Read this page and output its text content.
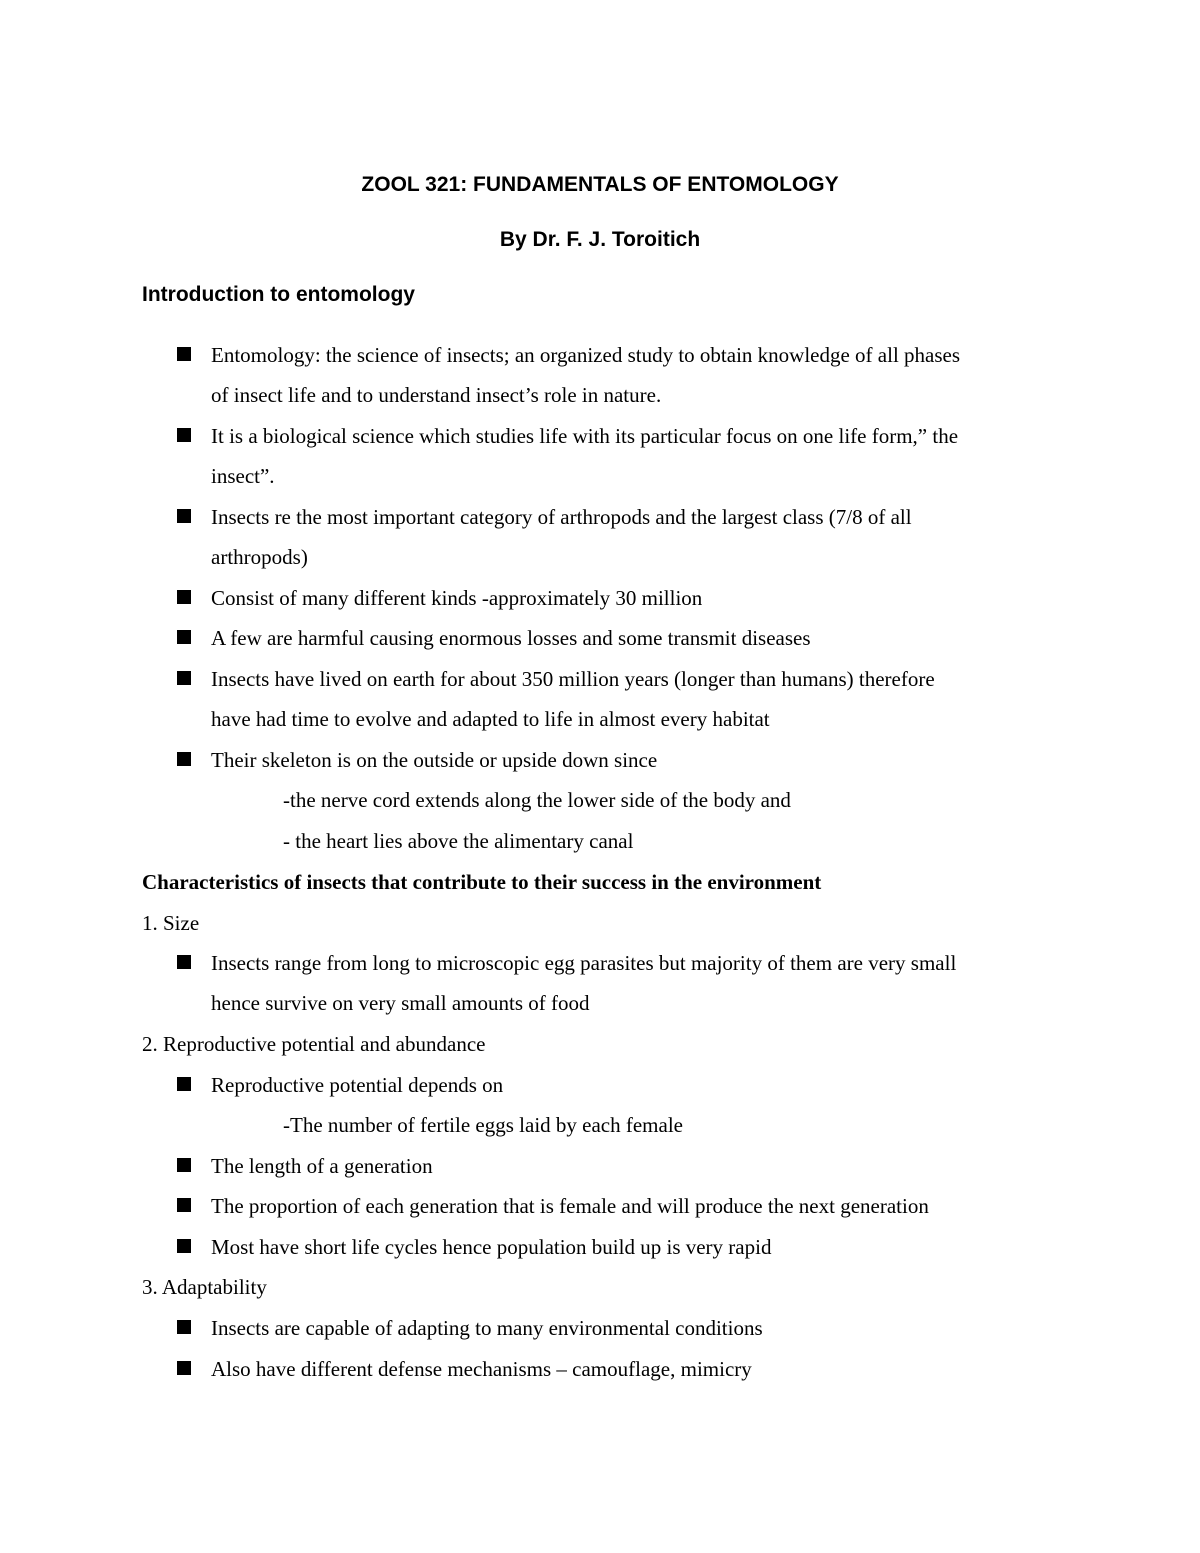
ZOOL 321: FUNDAMENTALS OF ENTOMOLOGY
By Dr. F. J. Toroitich
Introduction to entomology
Entomology: the science of insects; an organized study to obtain knowledge of all phases
of insect life and to understand insect’s role in nature.
It is a biological science which studies life with its particular focus on one life form,” the
insect”.
Insects re the most important category of arthropods and the largest class (7/8 of all
arthropods)
Consist of many different kinds -approximately 30 million
A few are harmful causing enormous losses and some transmit diseases
Insects have lived on earth for about 350 million years (longer than humans) therefore
have had time to evolve and adapted to life in almost every habitat
Their skeleton is on the outside or upside down since
-the nerve cord extends along the lower side of the body and
- the heart lies above the alimentary canal
Characteristics of insects that contribute to their success in the environment
1. Size
Insects range from long to microscopic egg parasites but majority of them are very small
hence survive on very small amounts of food
2. Reproductive potential and abundance
Reproductive potential depends on
-The number of fertile eggs laid by each female
The length of a generation
The proportion of each generation that is female and will produce the next generation
Most have short life cycles hence population build up is very rapid
3. Adaptability
Insects are capable of adapting to many environmental conditions
Also have different defense mechanisms – camouflage, mimicry
